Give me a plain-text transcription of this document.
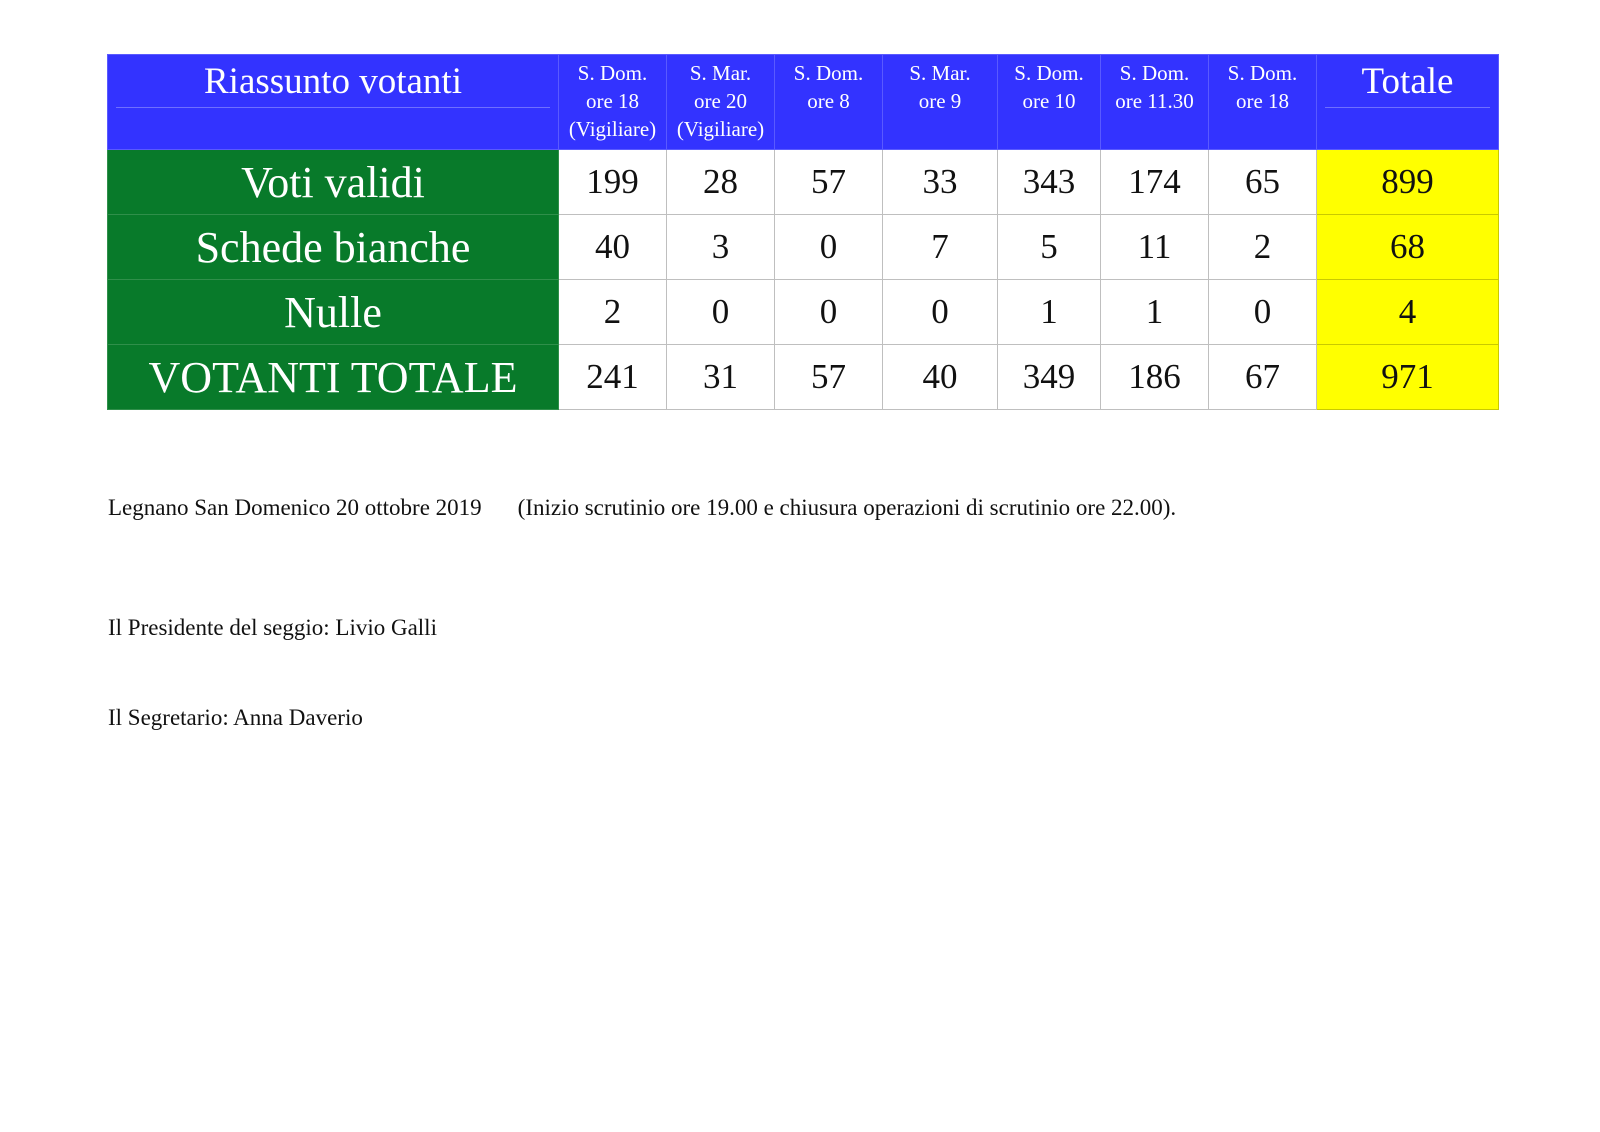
Riassunto votanti	S. Dom.
ore 18
(Vigiliare)	S. Mar.
ore 20
(Vigiliare)	S. Dom.
ore 8	S. Mar.
ore 9	S. Dom.
ore 10	S. Dom.
ore 11.30	S. Dom.
ore 18	Totale

Voti validi	199	28	57	33	343	174	65	899
Schede bianche	40	3	0	7	5	11	2	68
Nulle	2	0	0	0	1	1	0	4
VOTANTI TOTALE	241	31	57	40	349	186	67	971
Legnano San Domenico 20 ottobre 2019 (Inizio scrutinio ore 19.00 e chiusura operazioni di scrutinio ore 22.00).
Il Presidente del seggio: Livio Galli
Il Segretario: Anna Daverio
